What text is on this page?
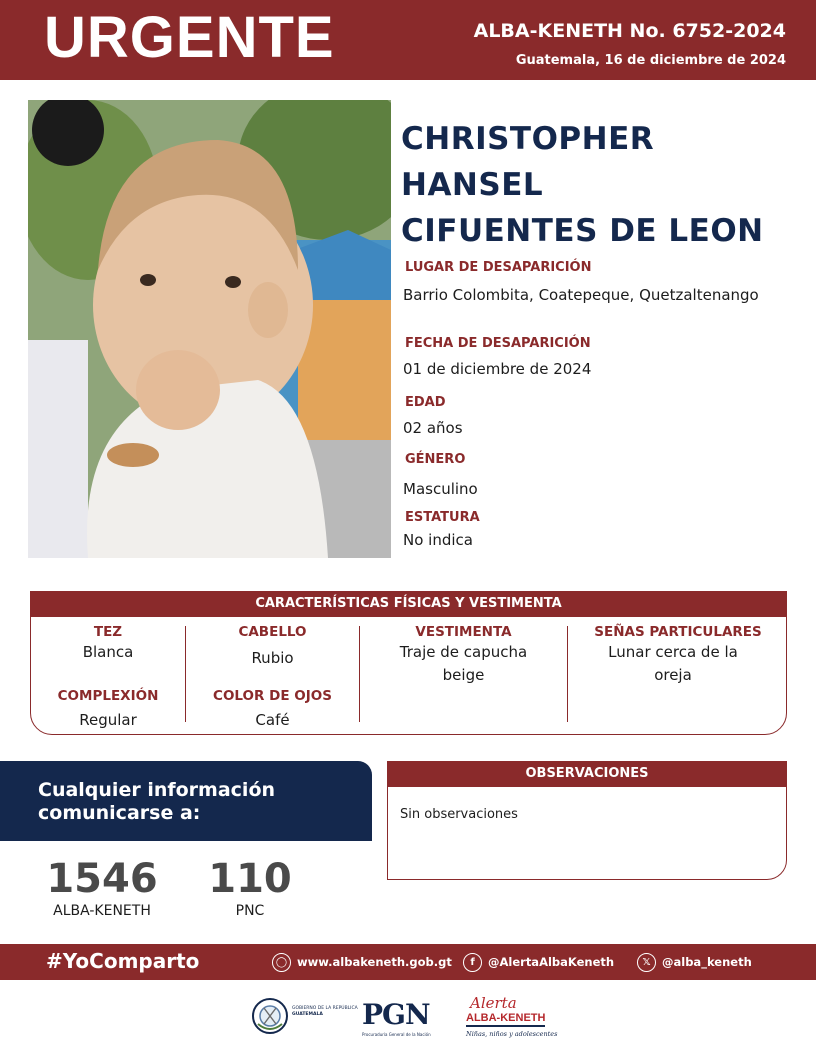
URGENTE	ALBA-KENETH No. 6752-2024
Guatemala, 16 de diciembre de 2024
CHRISTOPHER
HANSEL
CIFUENTES DE LEON
LUGAR DE DESAPARICIÓN
Barrio Colombita, Coatepeque, Quetzaltenango
FECHA DE DESAPARICIÓN
01 de diciembre de 2024
EDAD
02 años
GÉNERO
Masculino
ESTATURA
No indica
CARACTERÍSTICAS FÍSICAS Y VESTIMENTA
TEZ
Blanca
COMPLEXIÓN
Regular
CABELLO
Rubio
COLOR DE OJOS
Café
VESTIMENTA
Traje de capucha
beige
SEÑAS PARTICULARES
Lunar cerca de la
oreja
Cualquier información
comunicarse a:
1546
ALBA-KENETH
110
PNC
OBSERVACIONES
Sin observaciones
#YoComparto	◯ www.albakeneth.gob.gt	f	@AlertaAlbaKeneth	𝕏 @alba_keneth
GOBIERNO DE LA REPÚBLICA
GUATEMALA	PGN
Procuraduría General de la Nación
Alerta
ALBA-KENETH
Niñas, niños y adolescentes
